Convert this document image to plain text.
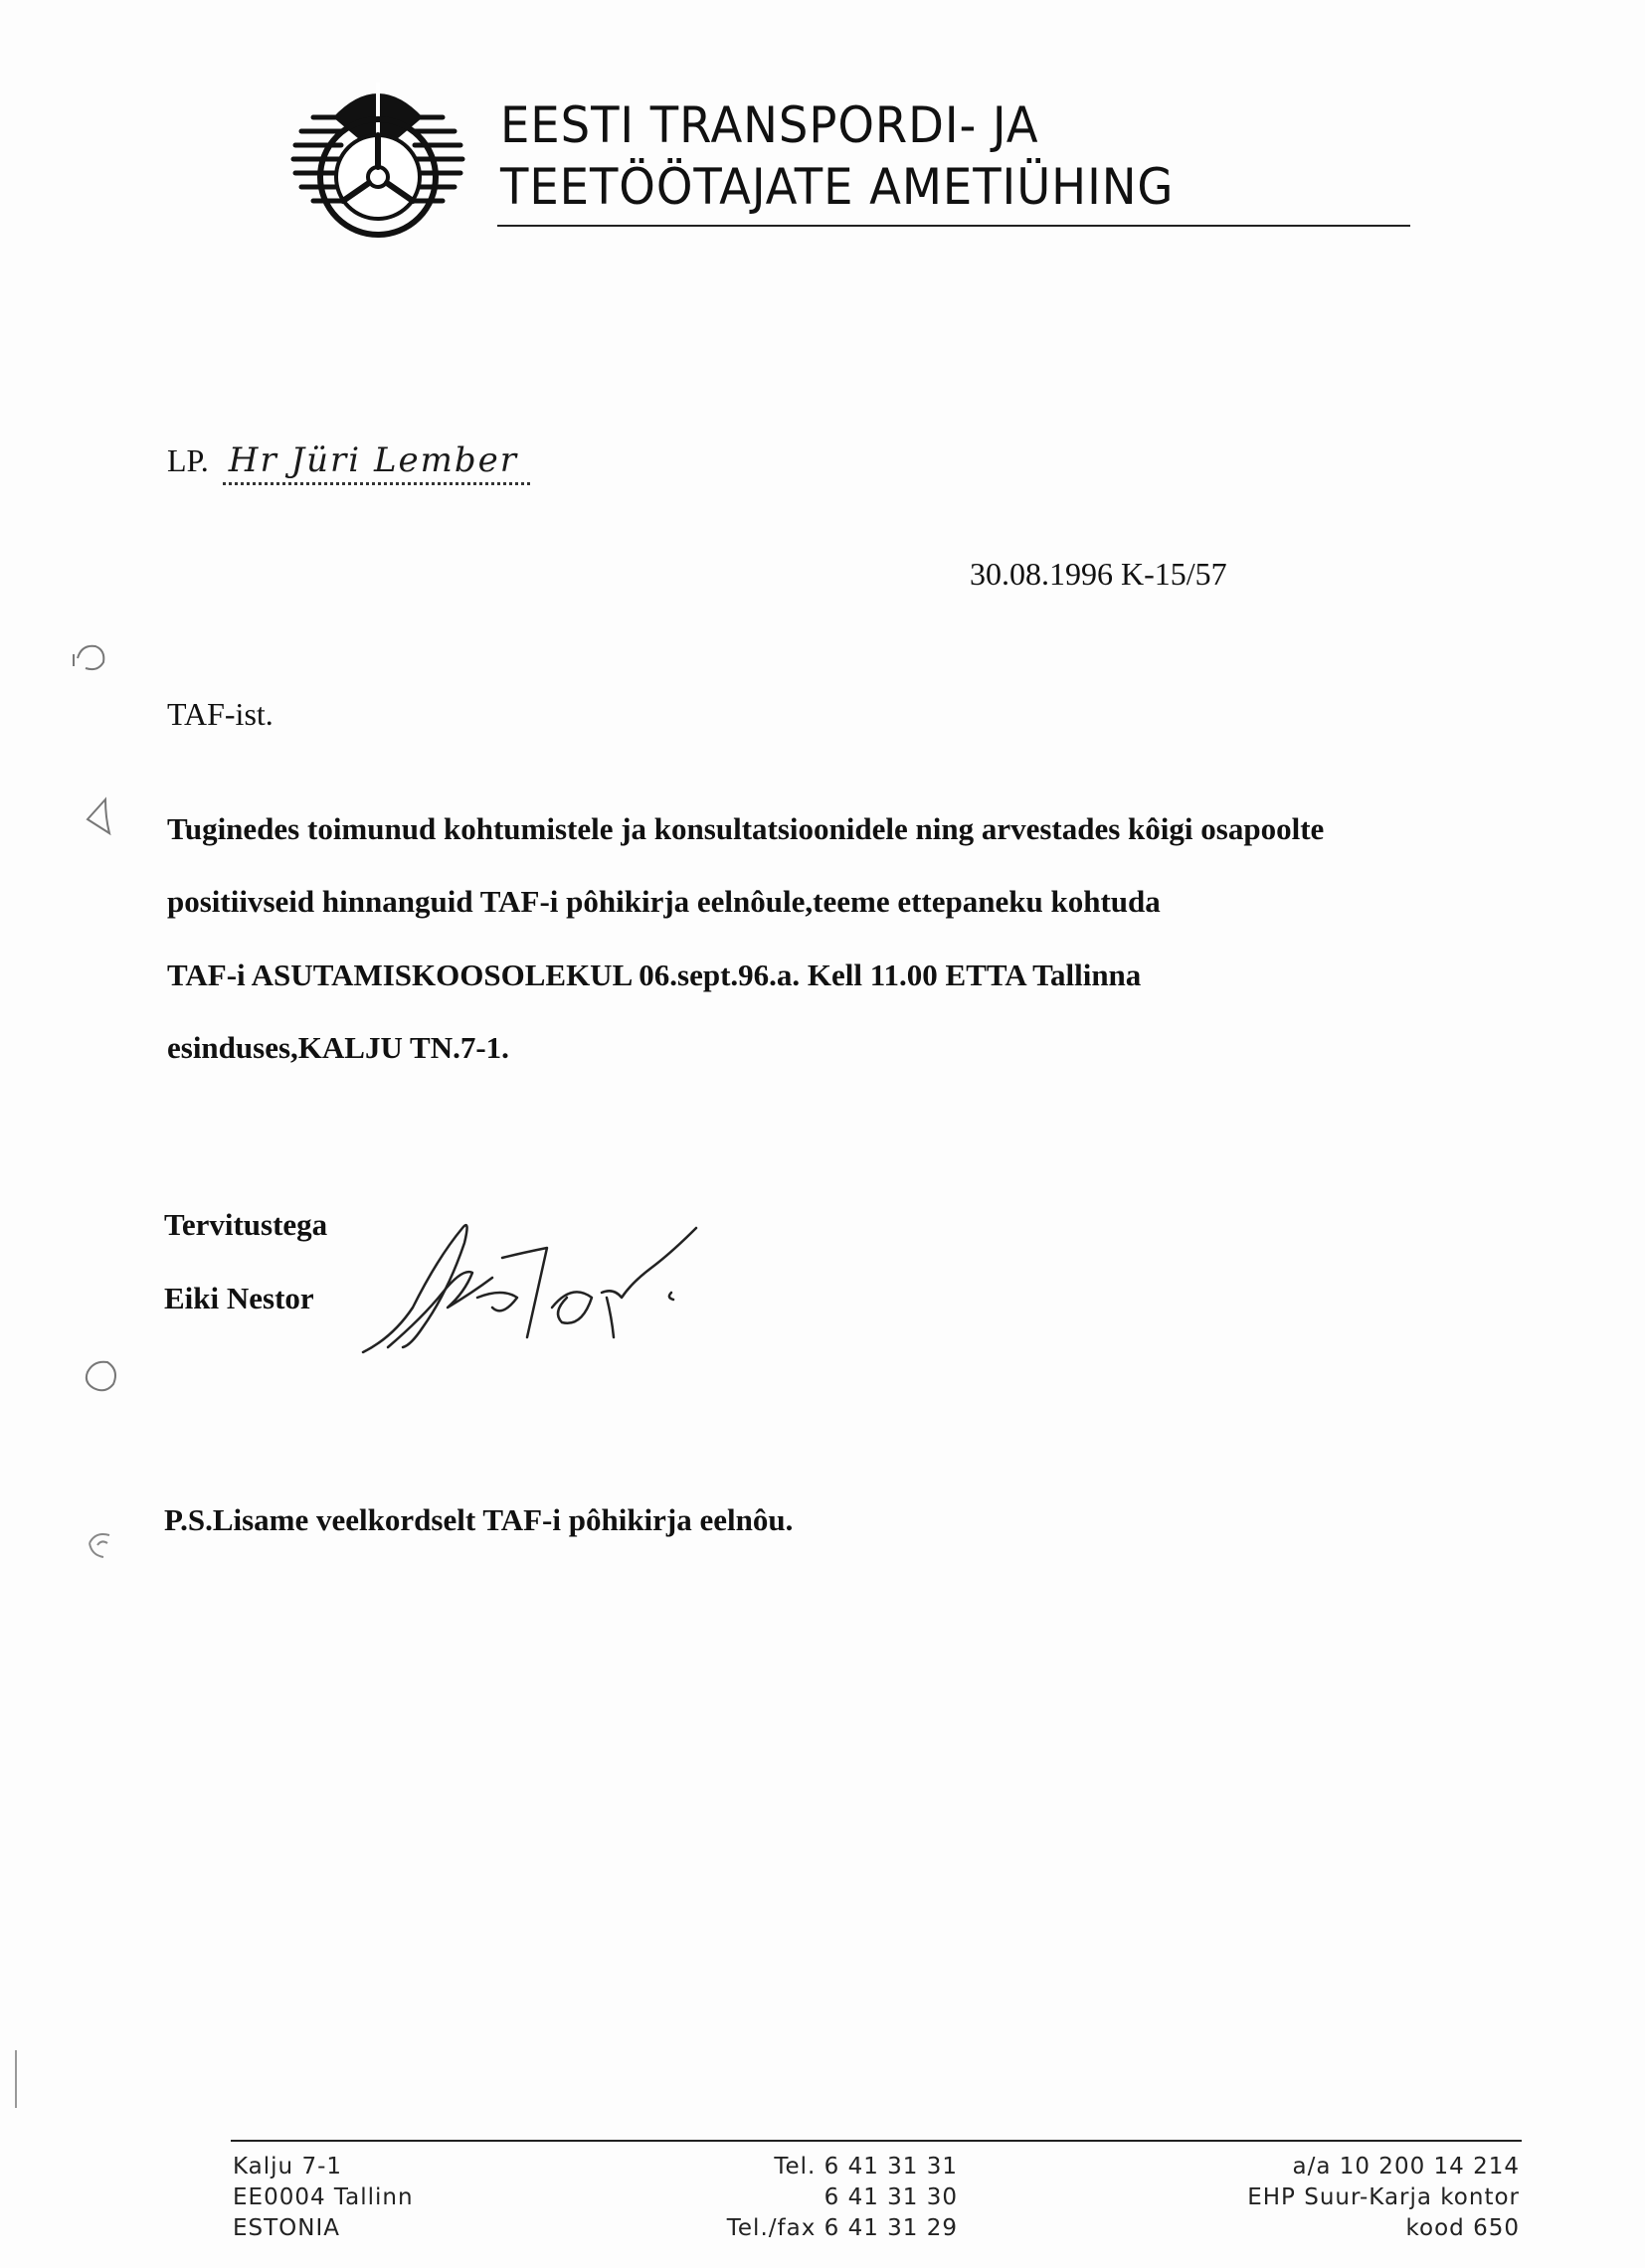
EESTI TRANSPORDI- JA
TEETÖÖTAJATE AMETIÜHING
LP. Hr Jüri Lember
30.08.1996 K-15/57
TAF-ist.
Tuginedes toimunud kohtumistele ja konsultatsioonidele ning arvestades kôigi osapoolte
positiivseid hinnanguid TAF-i pôhikirja eelnôule,teeme ettepaneku kohtuda
TAF-i ASUTAMISKOOSOLEKUL 06.sept.96.a. Kell 11.00 ETTA Tallinna
esinduses,KALJU TN.7-1.
Tervitustega
Eiki Nestor
P.S.Lisame veelkordselt TAF-i pôhikirja eelnôu.
Kalju 7-1
EE0004 Tallinn
ESTONIA
Tel. 6 41 31 31
6 41 31 30
Tel./fax 6 41 31 29
a/a 10 200 14 214
EHP Suur-Karja kontor
kood 650
